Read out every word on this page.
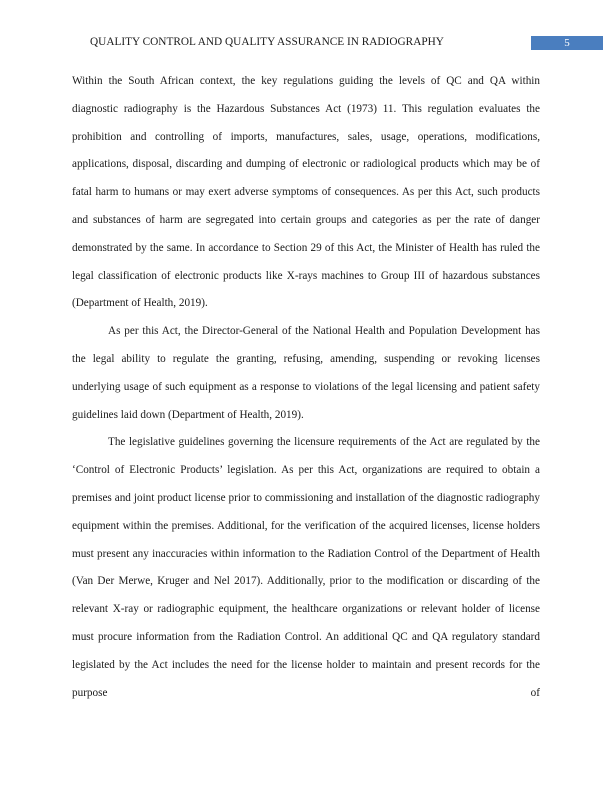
QUALITY CONTROL AND QUALITY ASSURANCE IN RADIOGRAPHY	5

Within the South African context, the key regulations guiding the levels of QC and QA within diagnostic radiography is the Hazardous Substances Act (1973) 11. This regulation evaluates the prohibition and controlling of imports, manufactures, sales, usage, operations, modifications, applications, disposal, discarding and dumping of electronic or radiological products which may be of fatal harm to humans or may exert adverse symptoms of consequences. As per this Act, such products and substances of harm are segregated into certain groups and categories as per the rate of danger demonstrated by the same. In accordance to Section 29 of this Act, the Minister of Health has ruled the legal classification of electronic products like X-rays machines to Group III of hazardous substances (Department of Health, 2019).

As per this Act, the Director-General of the National Health and Population Development has the legal ability to regulate the granting, refusing, amending, suspending or revoking licenses underlying usage of such equipment as a response to violations of the legal licensing and patient safety guidelines laid down (Department of Health, 2019).

The legislative guidelines governing the licensure requirements of the Act are regulated by the ‘Control of Electronic Products’ legislation. As per this Act, organizations are required to obtain a premises and joint product license prior to commissioning and installation of the diagnostic radiography equipment within the premises. Additional, for the verification of the acquired licenses, license holders must present any inaccuracies within information to the Radiation Control of the Department of Health (Van Der Merwe, Kruger and Nel 2017). Additionally, prior to the modification or discarding of the relevant X-ray or radiographic equipment, the healthcare organizations or relevant holder of license must procure information from the Radiation Control. An additional QC and QA regulatory standard legislated by the Act includes the need for the license holder to maintain and present records for the purpose of
